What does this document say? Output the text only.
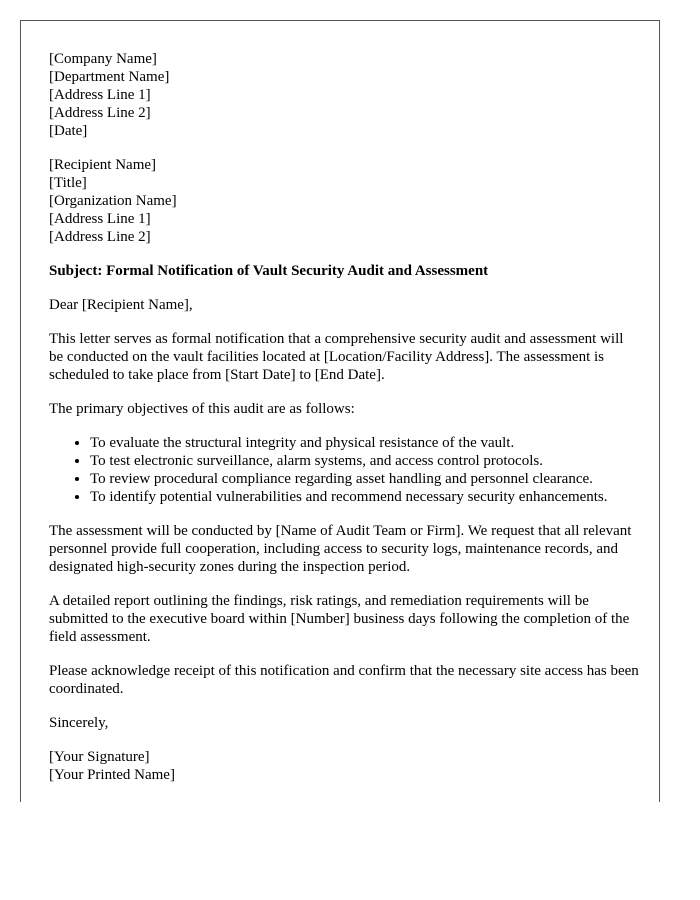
[Company Name]
[Department Name]
[Address Line 1]
[Address Line 2]
[Date]
[Recipient Name]
[Title]
[Organization Name]
[Address Line 1]
[Address Line 2]

Subject: Formal Notification of Vault Security Audit and Assessment

Dear [Recipient Name],

This letter serves as formal notification that a comprehensive security audit and assessment will be conducted on the vault facilities located at [Location/Facility Address]. The assessment is scheduled to take place from [Start Date] to [End Date].

The primary objectives of this audit are as follows:

• To evaluate the structural integrity and physical resistance of the vault.
• To test electronic surveillance, alarm systems, and access control protocols.
• To review procedural compliance regarding asset handling and personnel clearance.
• To identify potential vulnerabilities and recommend necessary security enhancements.

The assessment will be conducted by [Name of Audit Team or Firm]. We request that all relevant personnel provide full cooperation, including access to security logs, maintenance records, and designated high-security zones during the inspection period.

A detailed report outlining the findings, risk ratings, and remediation requirements will be submitted to the executive board within [Number] business days following the completion of the field assessment.

Please acknowledge receipt of this notification and confirm that the necessary site access has been coordinated.

Sincerely,

[Your Signature]
[Your Printed Name]
